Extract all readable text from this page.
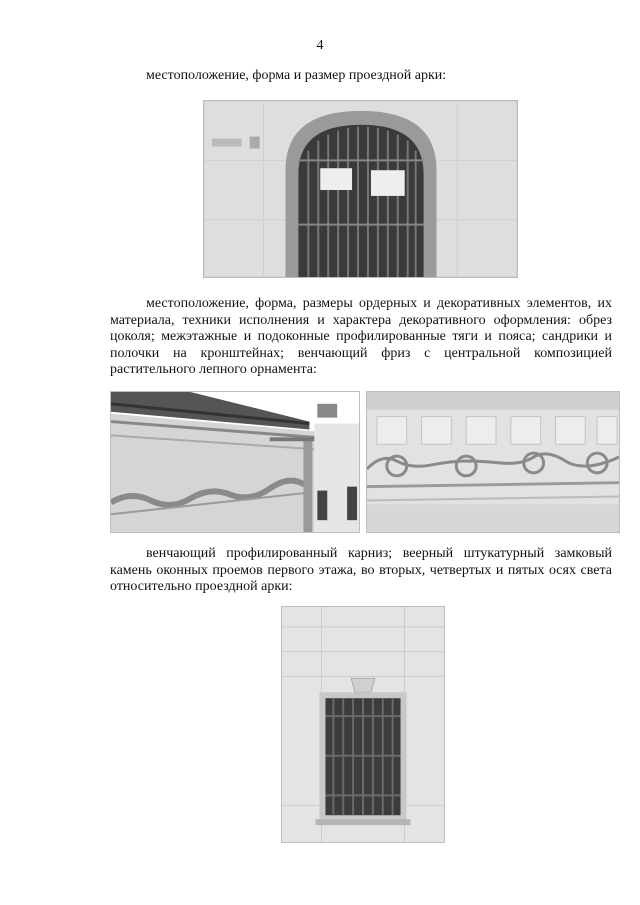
4
местоположение, форма и размер проездной арки:
местоположение, форма, размеры ордерных и декоративных элементов, их материала, техники исполнения и характера декоративного оформления: обрез цоколя; межэтажные и подоконные профилированные тяги и пояса; сандрики и полочки на кронштейнах; венчающий фриз с центральной композицией растительного лепного орнамента:
венчающий профилированный карниз; веерный штукатурный замковый камень оконных проемов первого этажа, во вторых, четвертых и пятых осях света относительно проездной арки:
